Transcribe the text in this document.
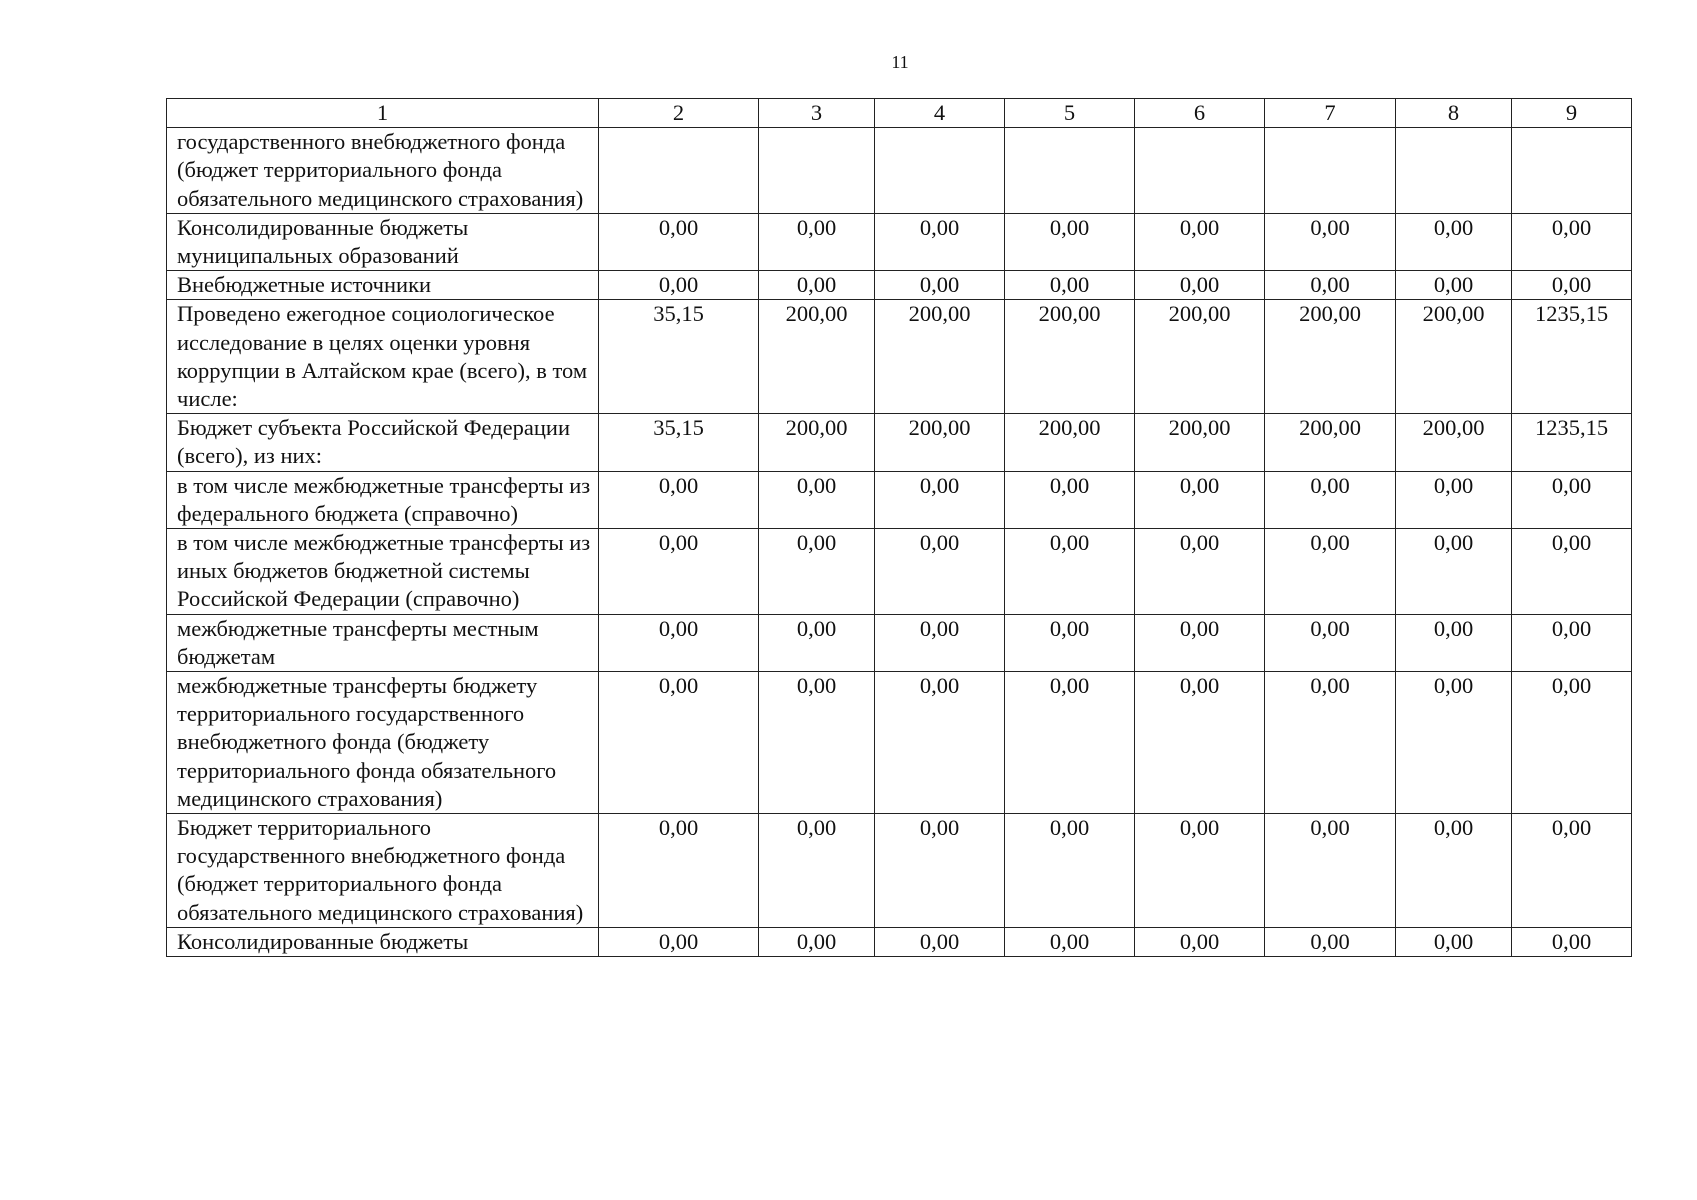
11
1	2	3	4	5	6	7	8	9
государственного внебюджетного фонда (бюджет территориального фонда обязательного медицинского страхования)								
Консолидированные бюджеты муниципальных образований	0,00	0,00	0,00	0,00	0,00	0,00	0,00	0,00
Внебюджетные источники	0,00	0,00	0,00	0,00	0,00	0,00	0,00	0,00
Проведено ежегодное социологическое исследование в целях оценки уровня коррупции в Алтайском крае (всего), в том числе:	35,15	200,00	200,00	200,00	200,00	200,00	200,00	1235,15
Бюджет субъекта Российской Федерации (всего), из них:	35,15	200,00	200,00	200,00	200,00	200,00	200,00	1235,15
в том числе межбюджетные трансферты из федерального бюджета (справочно)	0,00	0,00	0,00	0,00	0,00	0,00	0,00	0,00
в том числе межбюджетные трансферты из иных бюджетов бюджетной системы Российской Федерации (справочно)	0,00	0,00	0,00	0,00	0,00	0,00	0,00	0,00
межбюджетные трансферты местным бюджетам	0,00	0,00	0,00	0,00	0,00	0,00	0,00	0,00
межбюджетные трансферты бюджету территориального государственного внебюджетного фонда (бюджету территориального фонда обязательного медицинского страхования)	0,00	0,00	0,00	0,00	0,00	0,00	0,00	0,00
Бюджет территориального государственного внебюджетного фонда (бюджет территориального фонда обязательного медицинского страхования)	0,00	0,00	0,00	0,00	0,00	0,00	0,00	0,00
Консолидированные бюджеты	0,00	0,00	0,00	0,00	0,00	0,00	0,00	0,00
